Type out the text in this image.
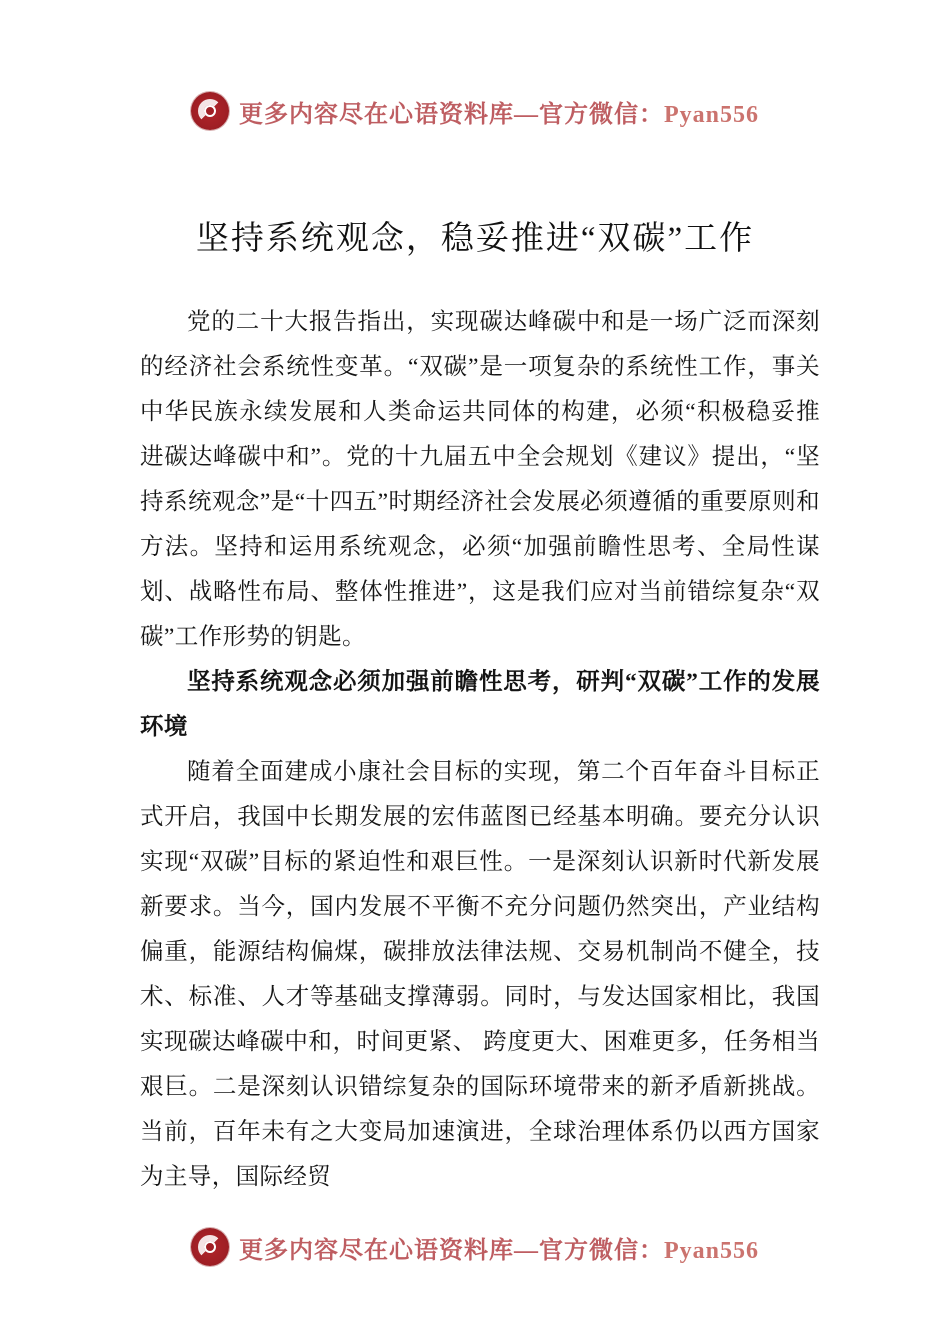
更多内容尽在心语资料库—官方微信：Pyan556
坚持系统观念，稳妥推进“双碳”工作

党的二十大报告指出，实现碳达峰碳中和是一场广泛而深刻的经济社会系统性变革。“双碳”是一项复杂的系统性工作，事关中华民族永续发展和人类命运共同体的构建，必须“积极稳妥推进碳达峰碳中和”。党的十九届五中全会规划《建议》提出，“坚持系统观念”是“十四五”时期经济社会发展必须遵循的重要原则和方法。坚持和运用系统观念，必须“加强前瞻性思考、全局性谋划、战略性布局、整体性推进”，这是我们应对当前错综复杂“双碳”工作形势的钥匙。

坚持系统观念必须加强前瞻性思考，研判“双碳”工作的发展环境

随着全面建成小康社会目标的实现，第二个百年奋斗目标正式开启，我国中长期发展的宏伟蓝图已经基本明确。要充分认识实现“双碳”目标的紧迫性和艰巨性。一是深刻认识新时代新发展新要求。当今，国内发展不平衡不充分问题仍然突出，产业结构偏重，能源结构偏煤，碳排放法律法规、交易机制尚不健全，技术、标准、人才等基础支撑薄弱。同时，与发达国家相比，我国实现碳达峰碳中和，时间更紧、 跨度更大、困难更多，任务相当艰巨。二是深刻认识错综复杂的国际环境带来的新矛盾新挑战。当前，百年未有之大变局加速演进，全球治理体系仍以西方国家为主导，国际经贸

更多内容尽在心语资料库—官方微信：Pyan556
